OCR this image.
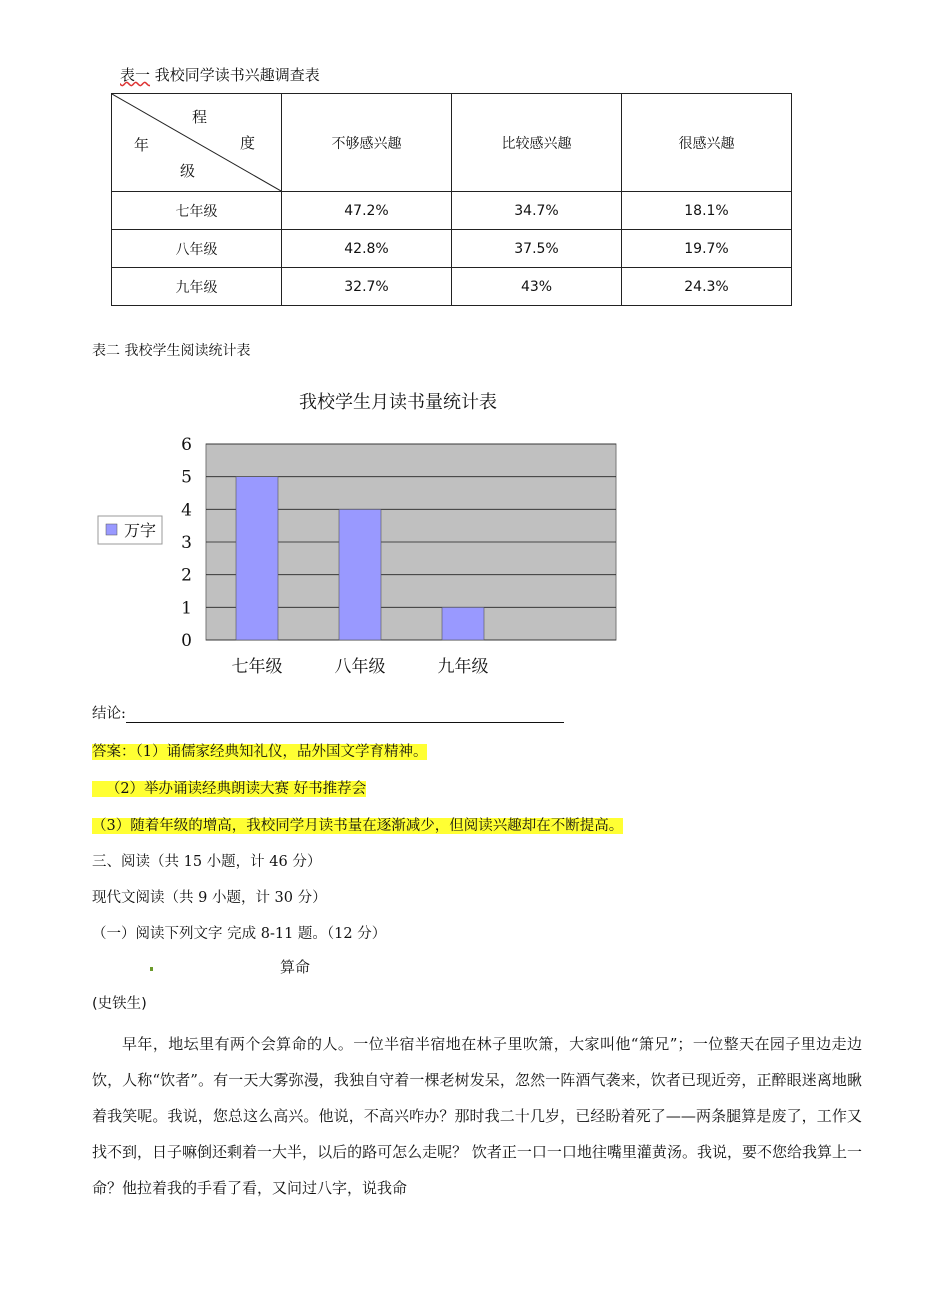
表一 我校同学读书兴趣调查表
程
年 度
级	不够感兴趣	比较感兴趣	很感兴趣
七年级	47.2%	34.7%	18.1%
八年级	42.8%	37.5%	19.7%
九年级	32.7%	43%	24.3%
表二 我校学生阅读统计表
我校学生月读书量统计表
0
1
2
3
4
5
6
七年级	八年级	九年级
万字
结论:
答案：（1）诵儒家经典知礼仪，品外国文学育精神。
（2）举办诵读经典朗读大赛 好书推荐会
（3）随着年级的增高，我校同学月读书量在逐渐减少，但阅读兴趣却在不断提高。
三、阅读（共 15 小题，计 46 分）
现代文阅读（共 9 小题，计 30 分）
（一）阅读下列文字 完成 8-11 题。（12 分）
算命
(史铁生)
早年，地坛里有两个会算命的人。一位半宿半宿地在林子里吹箫，大家叫他“箫兄”；一位整天在园子里边走边饮，人称“饮者”。有一天大雾弥漫，我独自守着一棵老树发呆，忽然一阵酒气袭来，饮者已现近旁，正醉眼迷离地瞅着我笑呢。我说，您总这么高兴。他说，不高兴咋办？那时我二十几岁，已经盼着死了——两条腿算是废了，工作又找不到，日子嘛倒还剩着一大半，以后的路可怎么走呢？ 饮者正一口一口地往嘴里灌黄汤。我说，要不您给我算上一命？他拉着我的手看了看，又问过八字，说我命
